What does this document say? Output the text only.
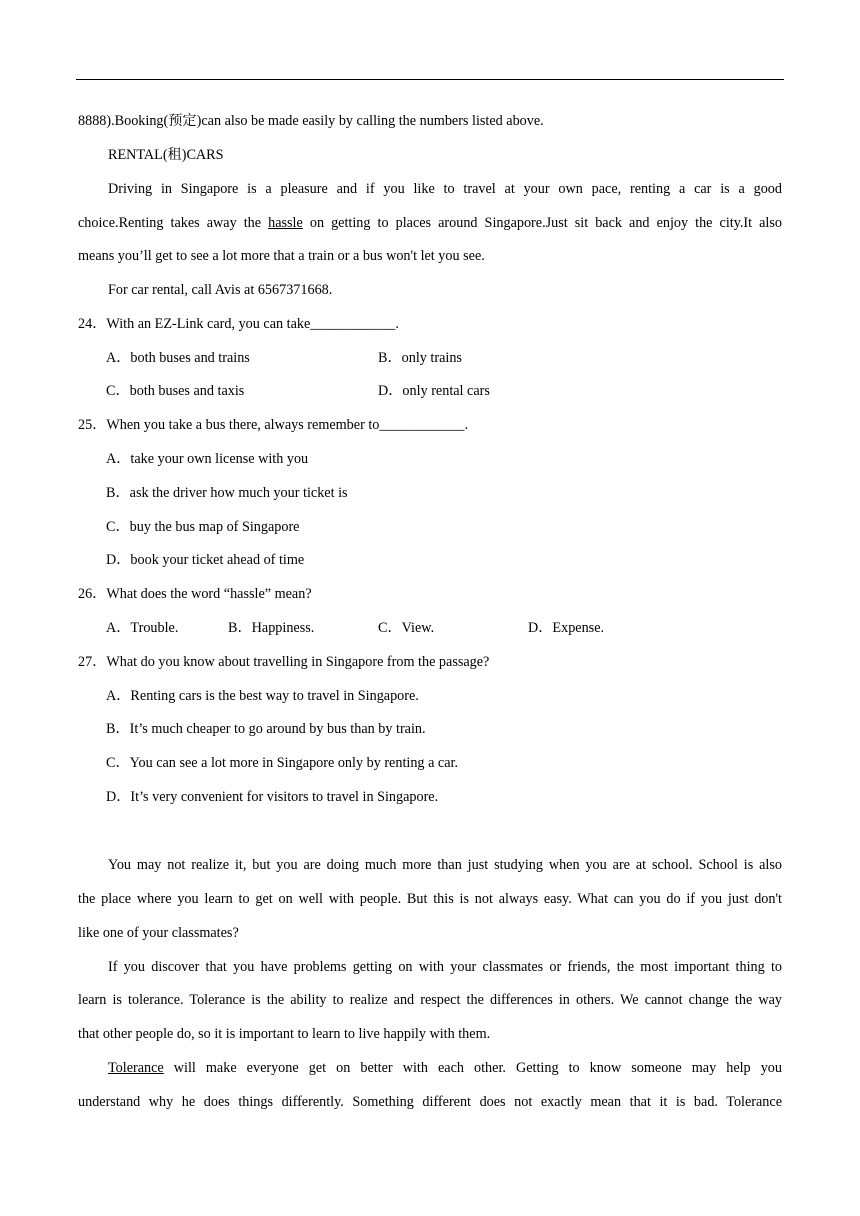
8888).Booking(预定)can also be made easily by calling the numbers listed above.
RENTAL(租)CARS
Driving in Singapore is a pleasure and if you like to travel at your own pace, renting a car is a good
choice.Renting takes away the hassle on getting to places around Singapore.Just sit back and enjoy the city.It also
means you’ll get to see a lot more that a train or a bus won't let you see.
For car rental, call Avis at 6567371668.
24．With an EZ-Link card, you can take____________.
A．both buses and trains	B．only trains
C．both buses and taxis	D．only rental cars
25．When you take a bus there, always remember to____________.
A．take your own license with you
B．ask the driver how much your ticket is
C．buy the bus map of Singapore
D．book your ticket ahead of time
26．What does the word “hassle” mean?
A．Trouble.	B．Happiness.	C．View.	D．Expense.
27．What do you know about travelling in Singapore from the passage?
A．Renting cars is the best way to travel in Singapore.
B．It’s much cheaper to go around by bus than by train.
C．You can see a lot more in Singapore only by renting a car.
D．It’s very convenient for visitors to travel in Singapore.
You may not realize it, but you are doing much more than just studying when you are at school. School is also
the place where you learn to get on well with people. But this is not always easy. What can you do if you just don't
like one of your classmates?
If you discover that you have problems getting on with your classmates or friends, the most important thing to
learn is tolerance. Tolerance is the ability to realize and respect the differences in others. We cannot change the way
that other people do, so it is important to learn to live happily with them.
Tolerance will make everyone get on better with each other. Getting to know someone may help you
understand why he does things differently. Something different does not exactly mean that it is bad. Tolerance
